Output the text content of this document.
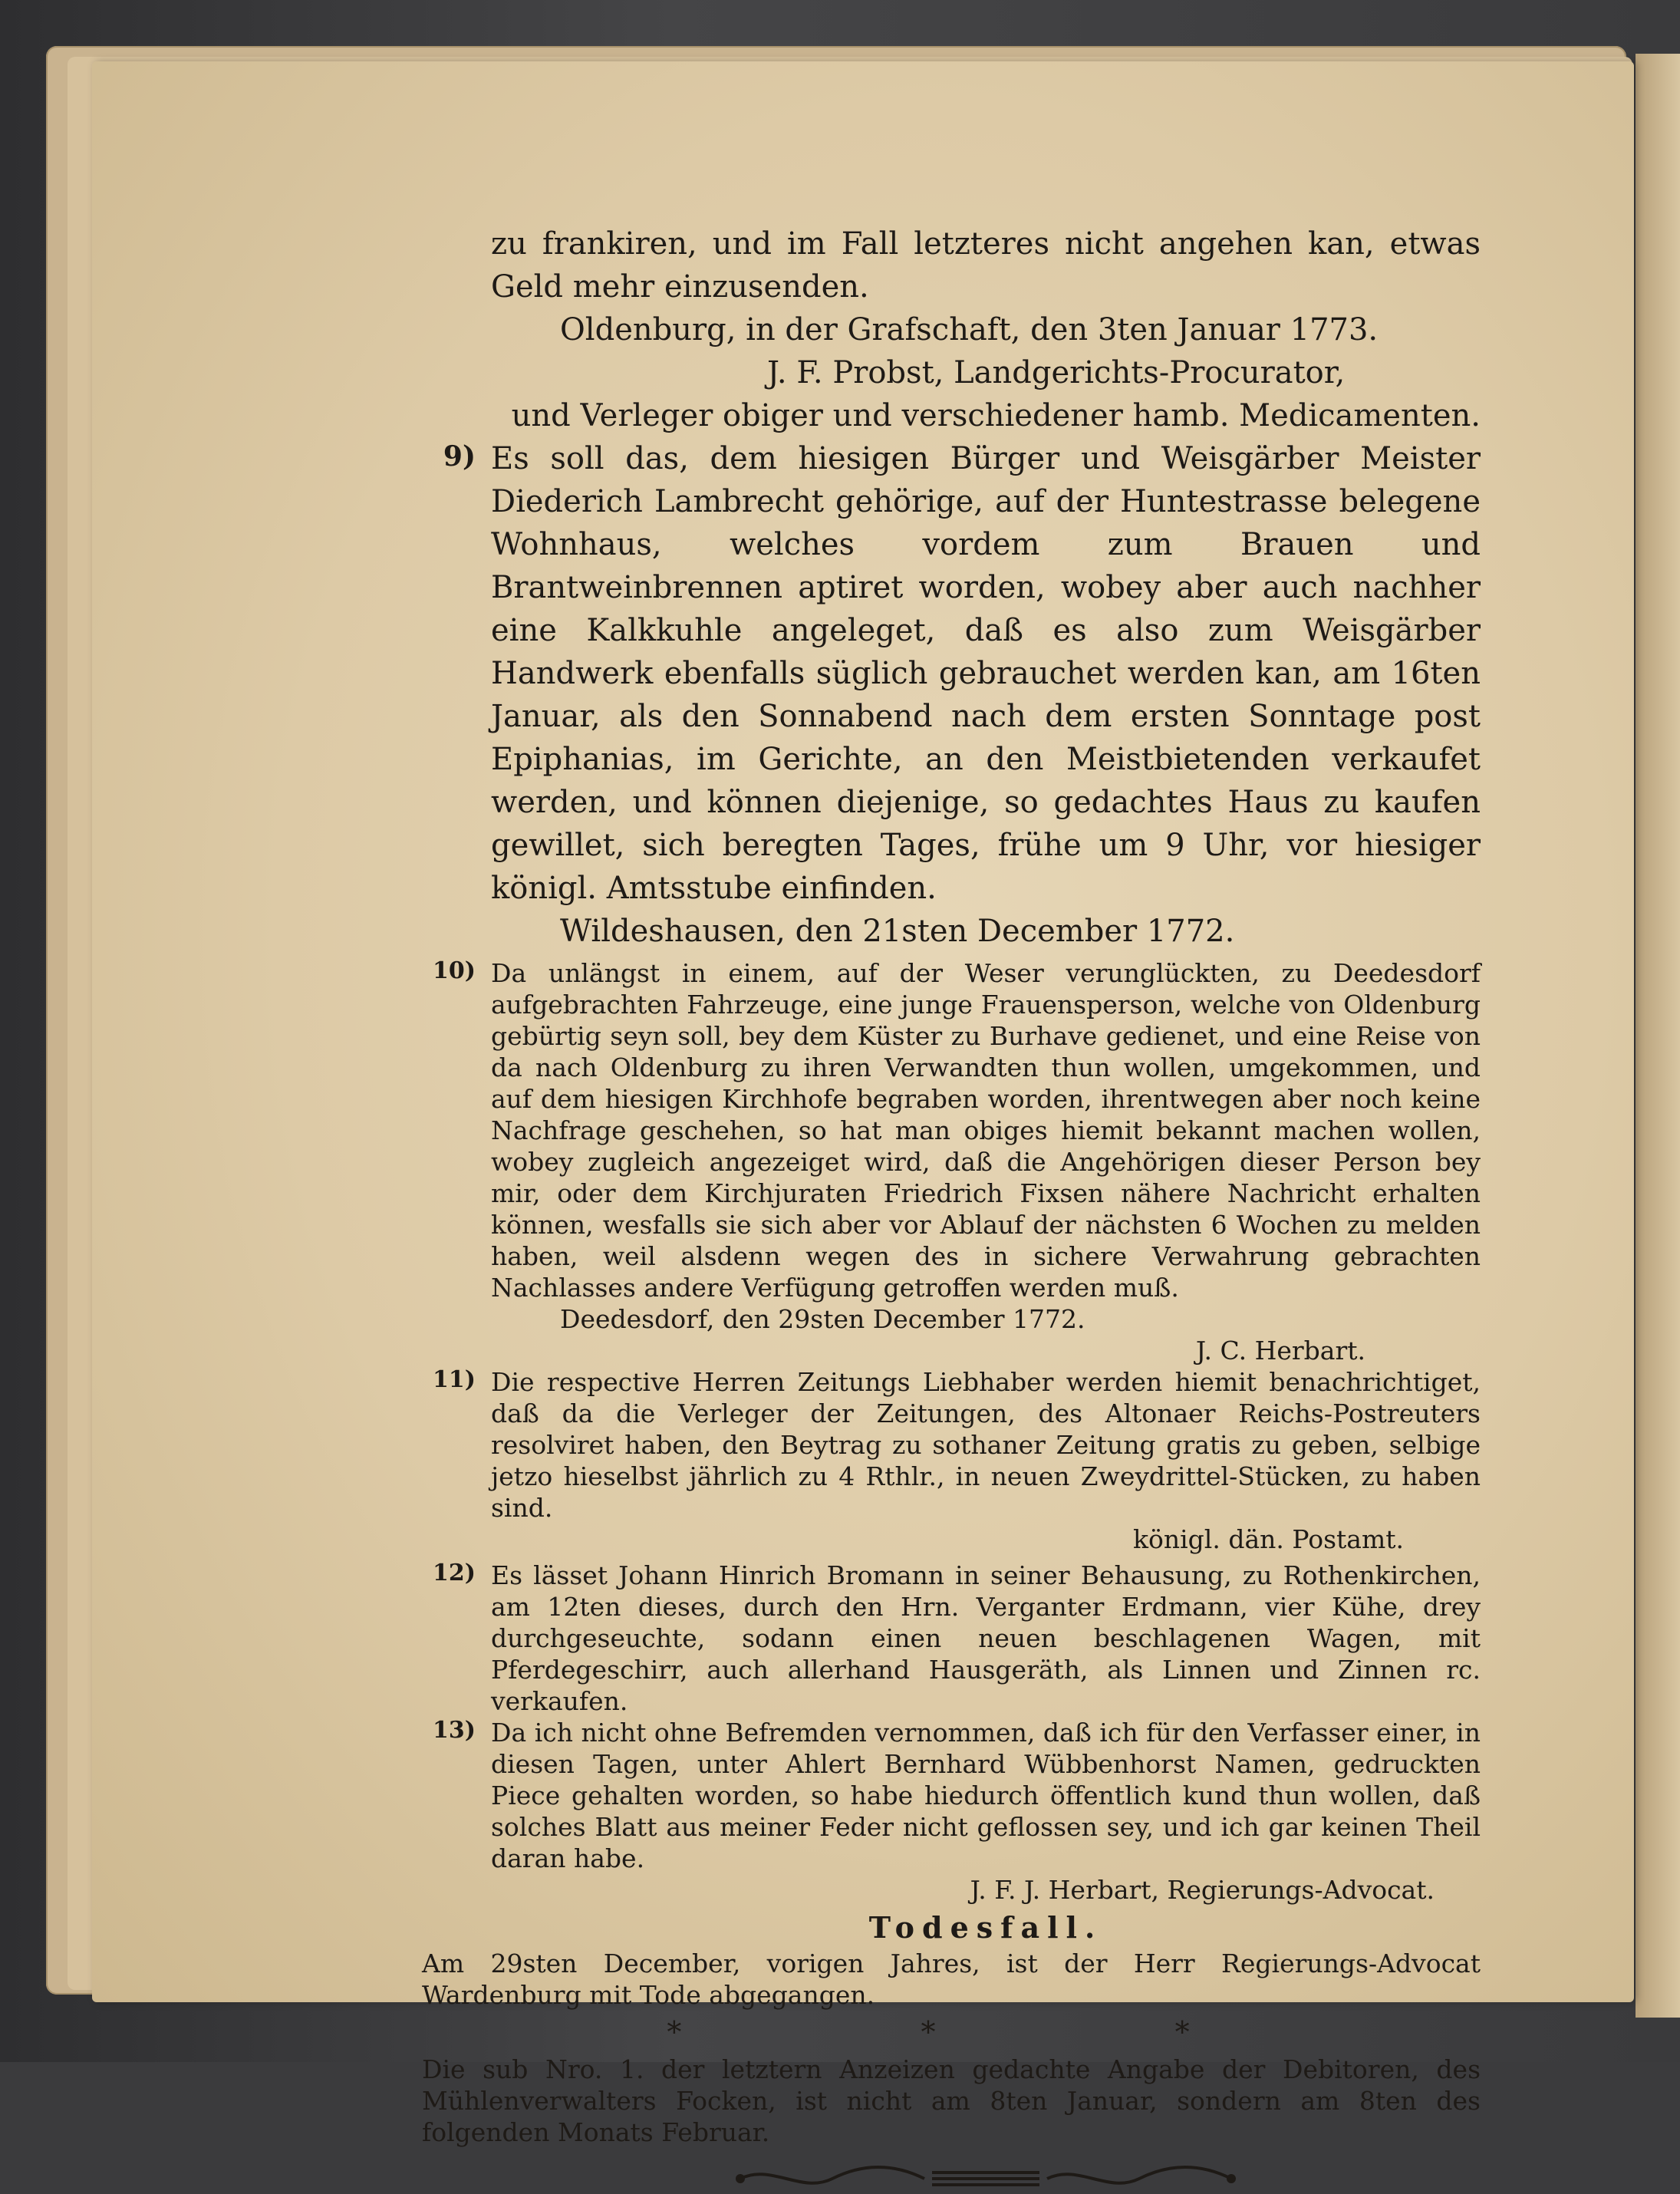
zu frankiren, und im Fall letzteres nicht angehen kan, etwas Geld mehr einzusenden.

Oldenburg, in der Grafschaft, den 3ten Januar 1773.

J. F. Probst, Landgerichts-Procurator,
und Verleger obiger und verschiedener hamb. Medicamenten.
9) Es soll das, dem hiesigen Bürger und Weisgärber Meister Diederich Lambrecht gehörige, auf der Huntestrasse belegene Wohnhaus, welches vordem zum Brauen und Brantweinbrennen aptiret worden, wobey aber auch nachher eine Kalkkuhle angeleget, daß es also zum Weisgärber Handwerk ebenfalls süglich gebrauchet werden kan, am 16ten Januar, als den Sonnabend nach dem ersten Sonntage post Epiphanias, im Gerichte, an den Meistbietenden verkaufet werden, und können diejenige, so gedachtes Haus zu kaufen gewillet, sich beregten Tages, frühe um 9 Uhr, vor hiesiger königl. Amtsstube einfinden.

Wildeshausen, den 21sten December 1772.

10) Da unlängst in einem, auf der Weser verunglückten, zu Deedesdorf aufgebrachten Fahrzeuge, eine junge Frauensperson, welche von Oldenburg gebürtig seyn soll, bey dem Küster zu Burhave gedienet, und eine Reise von da nach Oldenburg zu ihren Verwandten thun wollen, umgekommen, und auf dem hiesigen Kirchhofe begraben worden, ihrentwegen aber noch keine Nachfrage geschehen, so hat man obiges hiemit bekannt machen wollen, wobey zugleich angezeiget wird, daß die Angehörigen dieser Person bey mir, oder dem Kirchjuraten Friedrich Fixsen nähere Nachricht erhalten können, wesfalls sie sich aber vor Ablauf der nächsten 6 Wochen zu melden haben, weil alsdenn wegen des in sichere Verwahrung gebrachten Nachlasses andere Verfügung getroffen werden muß.

Deedesdorf, den 29sten December 1772.

J. C. Herbart.
11) Die respective Herren Zeitungs Liebhaber werden hiemit benachrichtiget, daß da die Verleger der Zeitungen, des Altonaer Reichs-Postreuters resolviret haben, den Beytrag zu sothaner Zeitung gratis zu geben, selbige jetzo hieselbst jährlich zu 4 Rthlr., in neuen Zweydrittel-Stücken, zu haben sind.

königl. dän. Postamt.
12) Es lässet Johann Hinrich Bromann in seiner Behausung, zu Rothenkirchen, am 12ten dieses, durch den Hrn. Verganter Erdmann, vier Kühe, drey durchgeseuchte, sodann einen neuen beschlagenen Wagen, mit Pferdegeschirr, auch allerhand Hausgeräth, als Linnen und Zinnen rc. verkaufen.

13) Da ich nicht ohne Befremden vernommen, daß ich für den Verfasser einer, in diesen Tagen, unter Ahlert Bernhard Wübbenhorst Namen, gedruckten Piece gehalten worden, so habe hiedurch öffentlich kund thun wollen, daß solches Blatt aus meiner Feder nicht geflossen sey, und ich gar keinen Theil daran habe.

J. F. J. Herbart, Regierungs-Advocat.
Todesfall.

Am 29sten December, vorigen Jahres, ist der Herr Regierungs-Advocat Wardenburg mit Tode abgegangen.

* * *

Die sub Nro. 1. der letztern Anzeizen gedachte Angabe der Debitoren, des Mühlenverwalters Focken, ist nicht am 8ten Januar, sondern am 8ten des folgenden Monats Februar.
